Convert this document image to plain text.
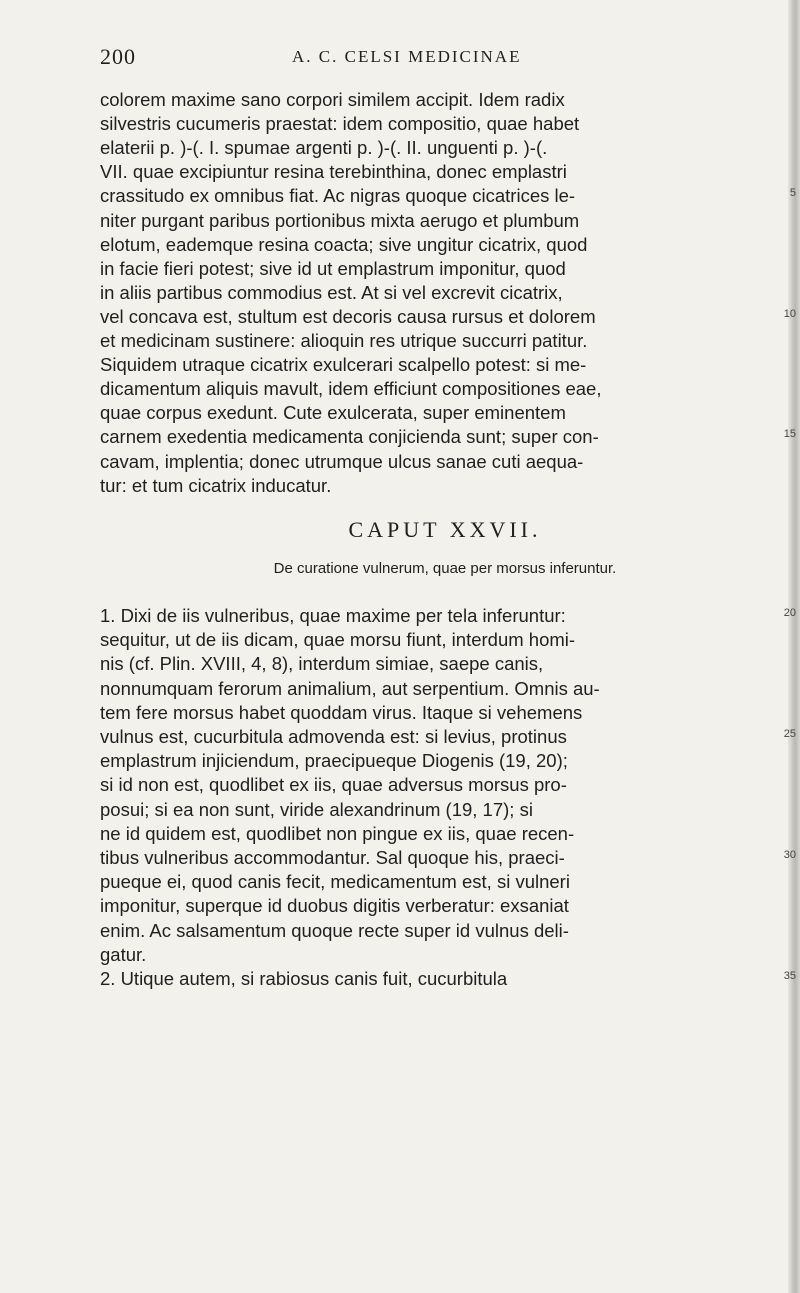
200	A. C. CELSI MEDICINAE
colorem maxime sano corpori similem accipit. Idem radix
silvestris cucumeris praestat: idem compositio, quae habet
elaterii p. )-(. I. spumae argenti p. )-(. II. unguenti p. )-(.
VII. quae excipiuntur resina terebinthina, donec emplastri
crassitudo ex omnibus fiat. Ac nigras quoque cicatrices le-	5
niter purgant paribus portionibus mixta aerugo et plumbum
elotum, eademque resina coacta; sive ungitur cicatrix, quod
in facie fieri potest; sive id ut emplastrum imponitur, quod
in aliis partibus commodius est. At si vel excrevit cicatrix,
vel concava est, stultum est decoris causa rursus et dolorem	10
et medicinam sustinere: alioquin res utrique succurri patitur.
Siquidem utraque cicatrix exulcerari scalpello potest: si me-
dicamentum aliquis mavult, idem efficiunt compositiones eae,
quae corpus exedunt. Cute exulcerata, super eminentem
carnem exedentia medicamenta conjicienda sunt; super con-	15
cavam, implentia; donec utrumque ulcus sanae cuti aequa-
tur: et tum cicatrix inducatur.
CAPUT XXVII.
De curatione vulnerum, quae per morsus inferuntur.
1. Dixi de iis vulneribus, quae maxime per tela inferuntur:	20
sequitur, ut de iis dicam, quae morsu fiunt, interdum homi-
nis (cf. Plin. XVIII, 4, 8), interdum simiae, saepe canis,
nonnumquam ferorum animalium, aut serpentium. Omnis au-
tem fere morsus habet quoddam virus. Itaque si vehemens
vulnus est, cucurbitula admovenda est: si levius, protinus	25
emplastrum injiciendum, praecipueque Diogenis (19, 20);
si id non est, quodlibet ex iis, quae adversus morsus pro-
posui; si ea non sunt, viride alexandrinum (19, 17); si
ne id quidem est, quodlibet non pingue ex iis, quae recen-
tibus vulneribus accommodantur. Sal quoque his, praeci-	30
pueque ei, quod canis fecit, medicamentum est, si vulneri
imponitur, superque id duobus digitis verberatur: exsaniat
enim. Ac salsamentum quoque recte super id vulnus deli-
gatur.
2. Utique autem, si rabiosus canis fuit, cucurbitula	35
